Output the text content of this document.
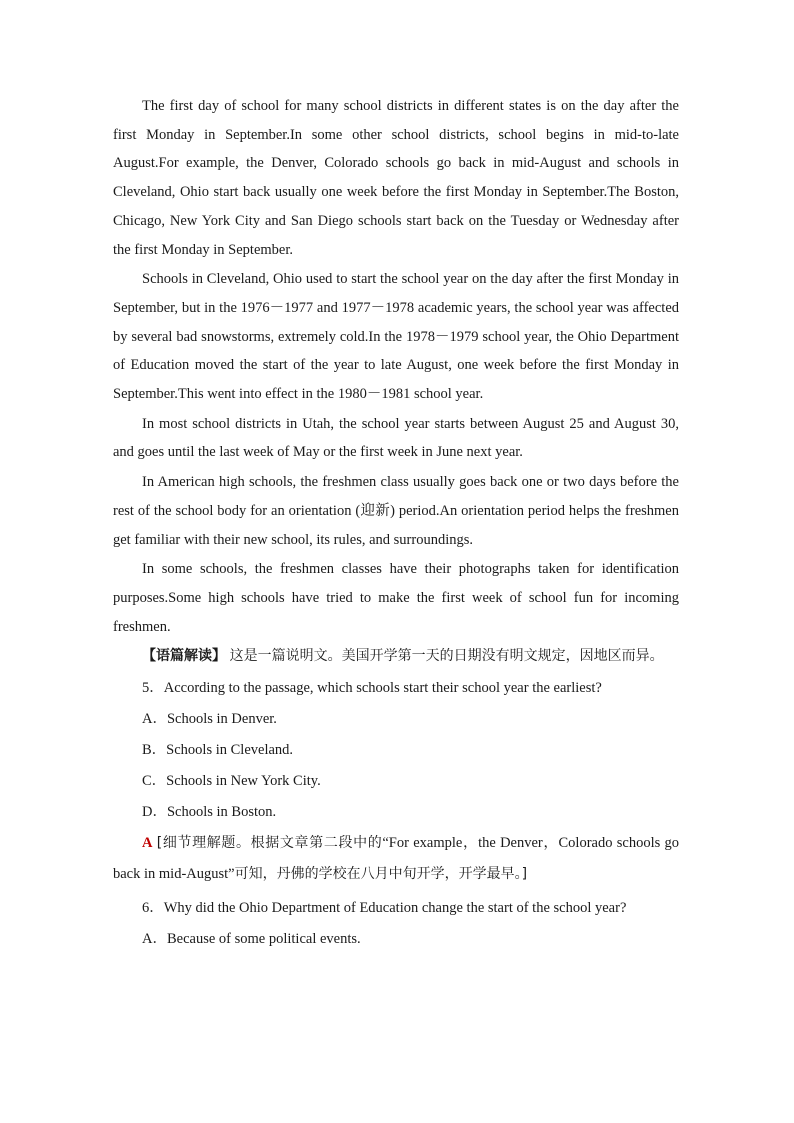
The first day of school for many school districts in different states is on the day after the first Monday in September.In some other school districts, school begins in mid-to-late August.For example, the Denver, Colorado schools go back in mid-August and schools in Cleveland, Ohio start back usually one week before the first Monday in September.The Boston, Chicago, New York City and San Diego schools start back on the Tuesday or Wednesday after the first Monday in September.

Schools in Cleveland, Ohio used to start the school year on the day after the first Monday in September, but in the 1976－1977 and 1977－1978 academic years, the school year was affected by several bad snowstorms, extremely cold.In the 1978－1979 school year, the Ohio Department of Education moved the start of the year to late August, one week before the first Monday in September.This went into effect in the 1980－1981 school year.

In most school districts in Utah, the school year starts between August 25 and August 30, and goes until the last week of May or the first week in June next year.

In American high schools, the freshmen class usually goes back one or two days before the rest of the school body for an orientation (迎新) period.An orientation period helps the freshmen get familiar with their new school, its rules, and surroundings.

In some schools, the freshmen classes have their photographs taken for identification purposes.Some high schools have tried to make the first week of school fun for incoming freshmen.

【语篇解读】 这是一篇说明文。美国开学第一天的日期没有明文规定，因地区而异。

5．According to the passage, which schools start their school year the earliest?

A．Schools in Denver.

B．Schools in Cleveland.

C．Schools in New York City.

D．Schools in Boston.

A [细节理解题。根据文章第二段中的“For example，the Denver，Colorado schools go back in mid-August”可知，丹佛的学校在八月中旬开学，开学最早。]

6．Why did the Ohio Department of Education change the start of the school year?

A．Because of some political events.
